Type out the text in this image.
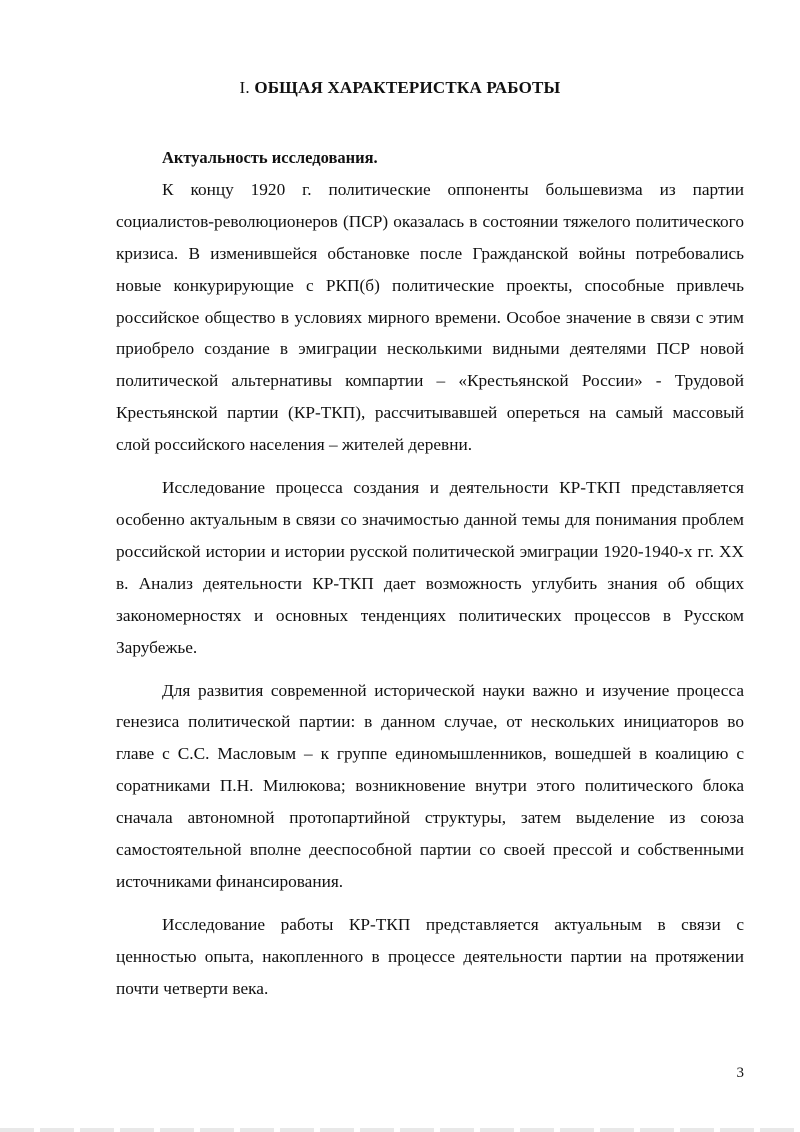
I. ОБЩАЯ ХАРАКТЕРИСТКА РАБОТЫ

Актуальность исследования.

К концу 1920 г. политические оппоненты большевизма из партии социалистов-революционеров (ПСР) оказалась в состоянии тяжелого политического кризиса. В изменившейся обстановке после Гражданской войны потребовались новые конкурирующие с РКП(б) политические проекты, способные привлечь российское общество в условиях мирного времени. Особое значение в связи с этим приобрело создание в эмиграции несколькими видными деятелями ПСР новой политической альтернативы компартии – «Крестьянской России» - Трудовой Крестьянской партии (КР-ТКП), рассчитывавшей опереться на самый массовый слой российского населения – жителей деревни.

Исследование процесса создания и деятельности КР-ТКП представляется особенно актуальным в связи со значимостью данной темы для понимания проблем российской истории и истории русской политической эмиграции 1920-1940-х гг. XX в. Анализ деятельности КР-ТКП дает возможность углубить знания об общих закономерностях и основных тенденциях политических процессов в Русском Зарубежье.

Для развития современной исторической науки важно и изучение процесса генезиса политической партии: в данном случае, от нескольких инициаторов во главе с С.С. Масловым – к группе единомышленников, вошедшей в коалицию с соратниками П.Н. Милюкова; возникновение внутри этого политического блока сначала автономной протопартийной структуры, затем выделение из союза самостоятельной вполне дееспособной партии со своей прессой и собственными источниками финансирования.

Исследование работы КР-ТКП представляется актуальным в связи с ценностью опыта, накопленного в процессе деятельности партии на протяжении почти четверти века.

3
